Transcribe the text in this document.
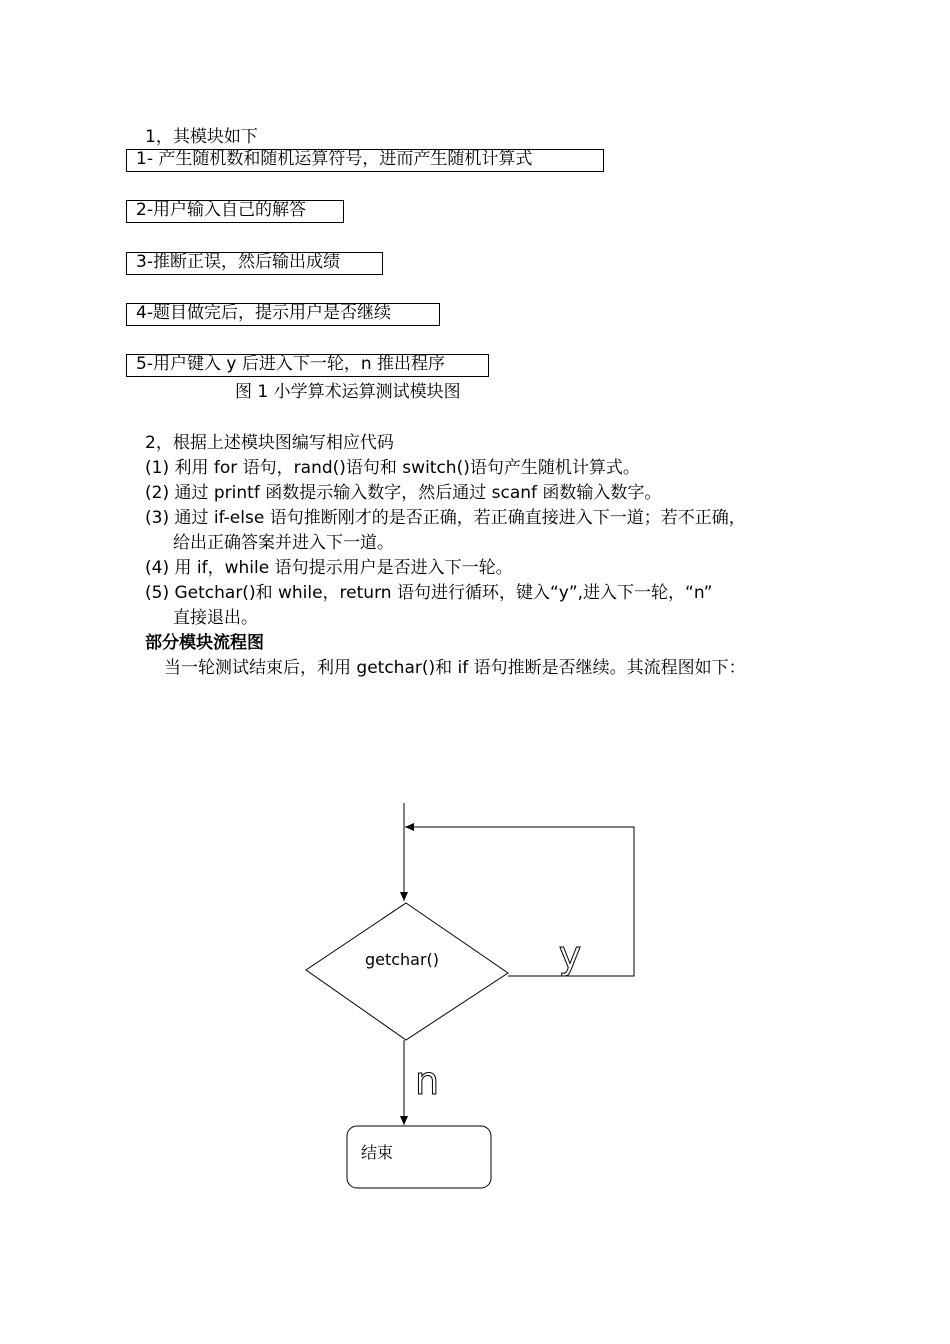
1，其模块如下
1- 产生随机数和随机运算符号，进而产生随机计算式
2-用户输入自己的解答
3-推断正误，然后输出成绩
4-题目做完后，提示用户是否继续
5-用户键入 y 后进入下一轮，n 推出程序
图 1 小学算术运算测试模块图
2，根据上述模块图编写相应代码
(1) 利用 for 语句，rand()语句和 switch()语句产生随机计算式。
(2) 通过 printf 函数提示输入数字，然后通过 scanf 函数输入数字。
(3) 通过 if-else 语句推断刚才的是否正确，若正确直接进入下一道；若不正确，
给出正确答案并进入下一道。
(4) 用 if，while 语句提示用户是否进入下一轮。
(5) Getchar()和 while，return 语句进行循环，键入“y”,进入下一轮，“n”
直接退出。
部分模块流程图
当一轮测试结束后，利用 getchar()和 if 语句推断是否继续。其流程图如下：
getchar()	y
n
结束
